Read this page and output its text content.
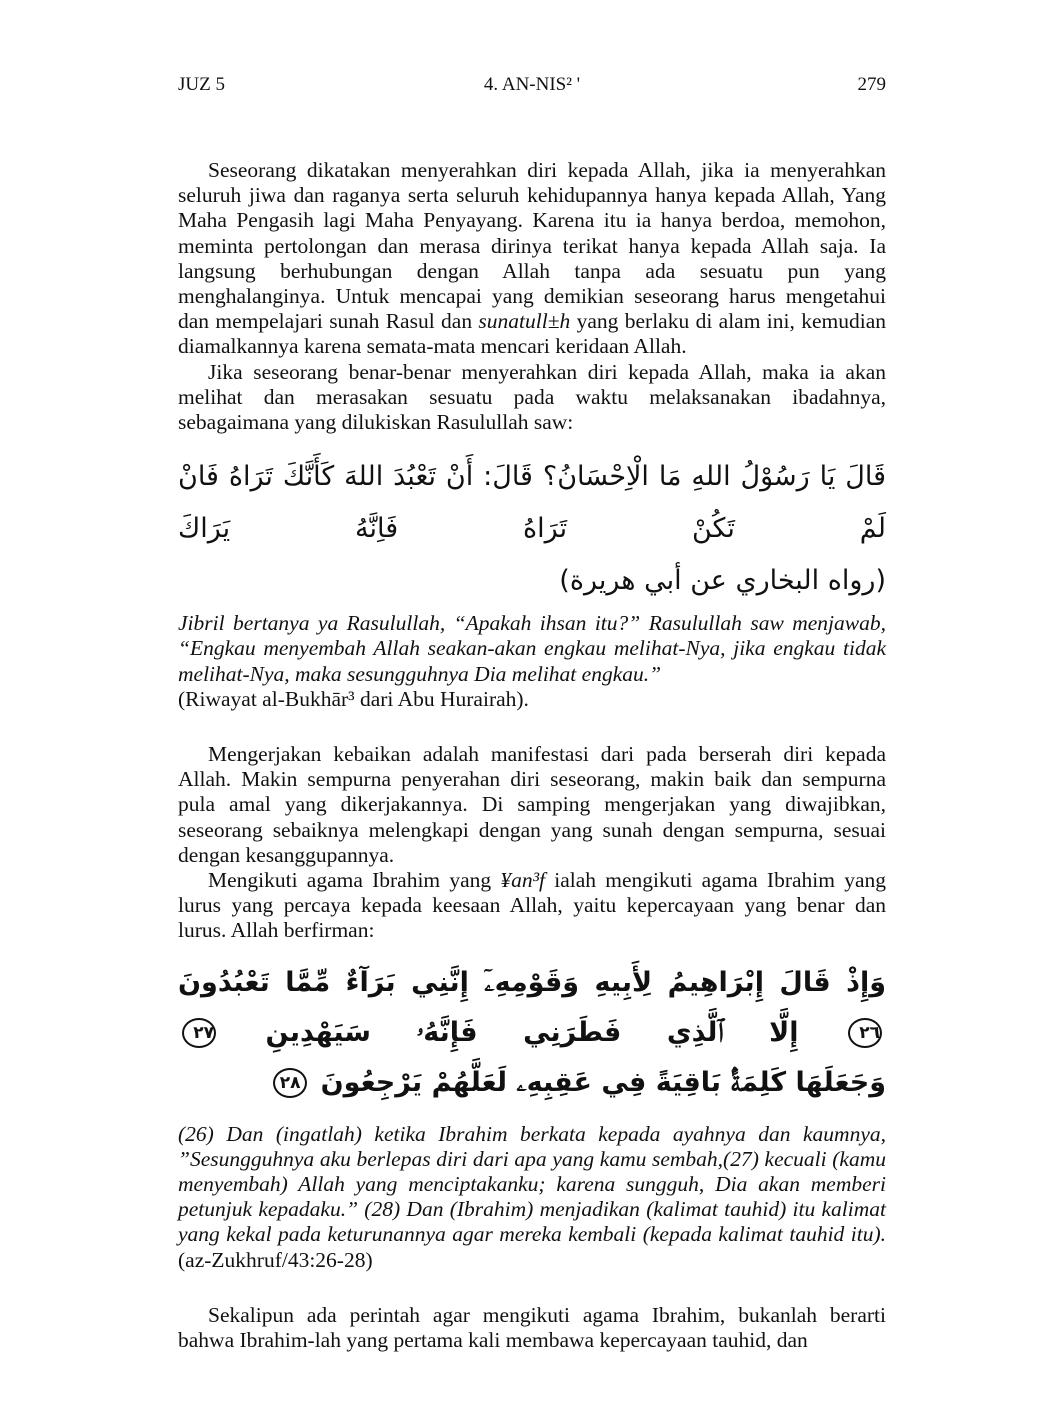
JUZ 5	4. AN-NIS² '	279

Seseorang dikatakan menyerahkan diri kepada Allah, jika ia menyerahkan seluruh jiwa dan raganya serta seluruh kehidupannya hanya kepada Allah, Yang Maha Pengasih lagi Maha Penyayang. Karena itu ia hanya berdoa, memohon, meminta pertolongan dan merasa dirinya terikat hanya kepada Allah saja. Ia langsung berhubungan dengan Allah tanpa ada sesuatu pun yang menghalanginya. Untuk mencapai yang demikian seseorang harus mengetahui dan mempelajari sunah Rasul dan sunatull±h yang berlaku di alam ini, kemudian diamalkannya karena semata-mata mencari keridaan Allah.

Jika seseorang benar-benar menyerahkan diri kepada Allah, maka ia akan melihat dan merasakan sesuatu pada waktu melaksanakan ibadahnya, sebagaimana yang dilukiskan Rasulullah saw:

قَالَ يَا رَسُوْلُ اللهِ مَا الْاِحْسَانُ؟ قَالَ: أَنْ تَعْبُدَ اللهَ كَأَنَّكَ تَرَاهُ فَانْ لَمْ تَكُنْ تَرَاهُ فَاِنَّهُ يَرَاكَ
(رواه البخاري عن أبي هريرة)

Jibril bertanya ya Rasulullah, “Apakah ihsan itu?” Rasulullah saw menjawab, “Engkau menyembah Allah seakan-akan engkau melihat-Nya, jika engkau tidak melihat-Nya, maka sesungguhnya Dia melihat engkau.”
(Riwayat al-Bukhār³ dari Abu Hurairah).

Mengerjakan kebaikan adalah manifestasi dari pada berserah diri kepada Allah. Makin sempurna penyerahan diri seseorang, makin baik dan sempurna pula amal yang dikerjakannya. Di samping mengerjakan yang diwajibkan, seseorang sebaiknya melengkapi dengan yang sunah dengan sempurna, sesuai dengan kesanggupannya.

Mengikuti agama Ibrahim yang ¥an³f ialah mengikuti agama Ibrahim yang lurus yang percaya kepada keesaan Allah, yaitu kepercayaan yang benar dan lurus. Allah berfirman:

وَإِذْ قَالَ إِبْرَاهِيمُ لِأَبِيهِ وَقَوْمِهِۦٓ إِنَّنِي بَرَآءٌ مِّمَّا تَعْبُدُونَ ٢٦ إِلَّا ٱلَّذِي فَطَرَنِي فَإِنَّهُۥ سَيَهْدِينِ ٢٧
وَجَعَلَهَا كَلِمَةًۢ بَاقِيَةً فِي عَقِبِهِۦ لَعَلَّهُمْ يَرْجِعُونَ ٢٨

(26) Dan (ingatlah) ketika Ibrahim berkata kepada ayahnya dan kaumnya, ”Sesungguhnya aku berlepas diri dari apa yang kamu sembah,(27) kecuali (kamu menyembah) Allah yang menciptakanku; karena sungguh, Dia akan memberi petunjuk kepadaku.” (28) Dan (Ibrahim) menjadikan (kalimat tauhid) itu kalimat yang kekal pada keturunannya agar mereka kembali (kepada kalimat tauhid itu). (az-Zukhruf/43:26-28)

Sekalipun ada perintah agar mengikuti agama Ibrahim, bukanlah berarti bahwa Ibrahim-lah yang pertama kali membawa kepercayaan tauhid, dan
